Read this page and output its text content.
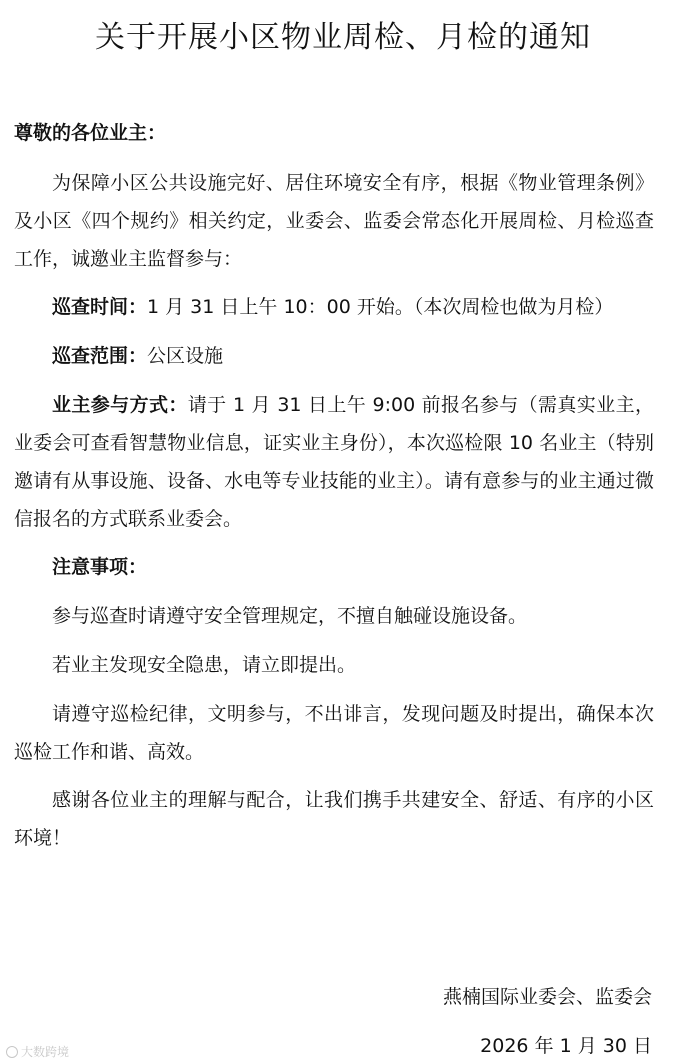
关于开展小区物业周检、月检的通知

尊敬的各位业主：

为保障小区公共设施完好、居住环境安全有序，根据《物业管理条例》及小区《四个规约》相关约定，业委会、监委会常态化开展周检、月检巡查工作，诚邀业主监督参与：

巡查时间：1 月 31 日上午 10：00 开始。（本次周检也做为月检）

巡查范围：公区设施

业主参与方式：请于 1 月 31 日上午 9:00 前报名参与（需真实业主，业委会可查看智慧物业信息，证实业主身份），本次巡检限 10 名业主（特别邀请有从事设施、设备、水电等专业技能的业主）。请有意参与的业主通过微信报名的方式联系业委会。

注意事项：

参与巡查时请遵守安全管理规定，不擅自触碰设施设备。

若业主发现安全隐患，请立即提出。

请遵守巡检纪律，文明参与，不出诽言，发现问题及时提出，确保本次巡检工作和谐、高效。

感谢各位业主的理解与配合，让我们携手共建安全、舒适、有序的小区环境！

燕楠国际业委会、监委会
2026 年 1 月 30 日
大数跨境
